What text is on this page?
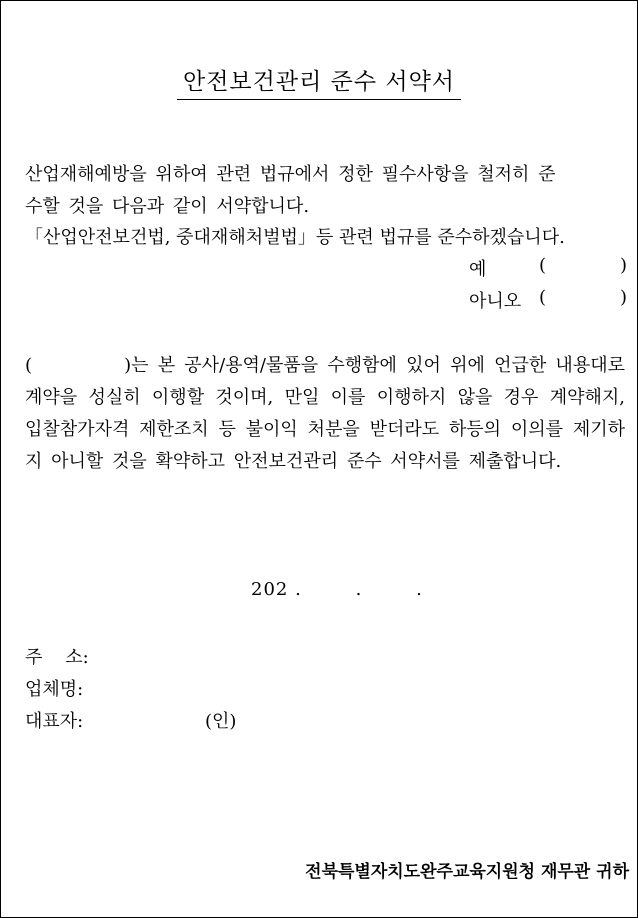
안전보건관리 준수 서약서
산업재해예방을 위하여 관련 법규에서 정한 필수사항을 철저히 준
수할 것을 다음과 같이 서약합니다.
「산업안전보건법, 중대재해처벌법」등 관련 법규를 준수하겠습니다.
예	(	)
아니오 (	)
(          )는 본 공사/용역/물품을 수행함에 있어 위에 언급한 내용대로 계약을 성실히 이행할 것이며, 만일 이를 이행하지 않을 경우 계약해지, 입찰참가자격 제한조치 등 불이익 처분을 받더라도 하등의 이의를 제기하지 아니할 것을 확약하고 안전보건관리 준수 서약서를 제출합니다.
202 .        .        .
주    소:
업체명:
대표자:	(인)
전북특별자치도완주교육지원청 재무관 귀하
